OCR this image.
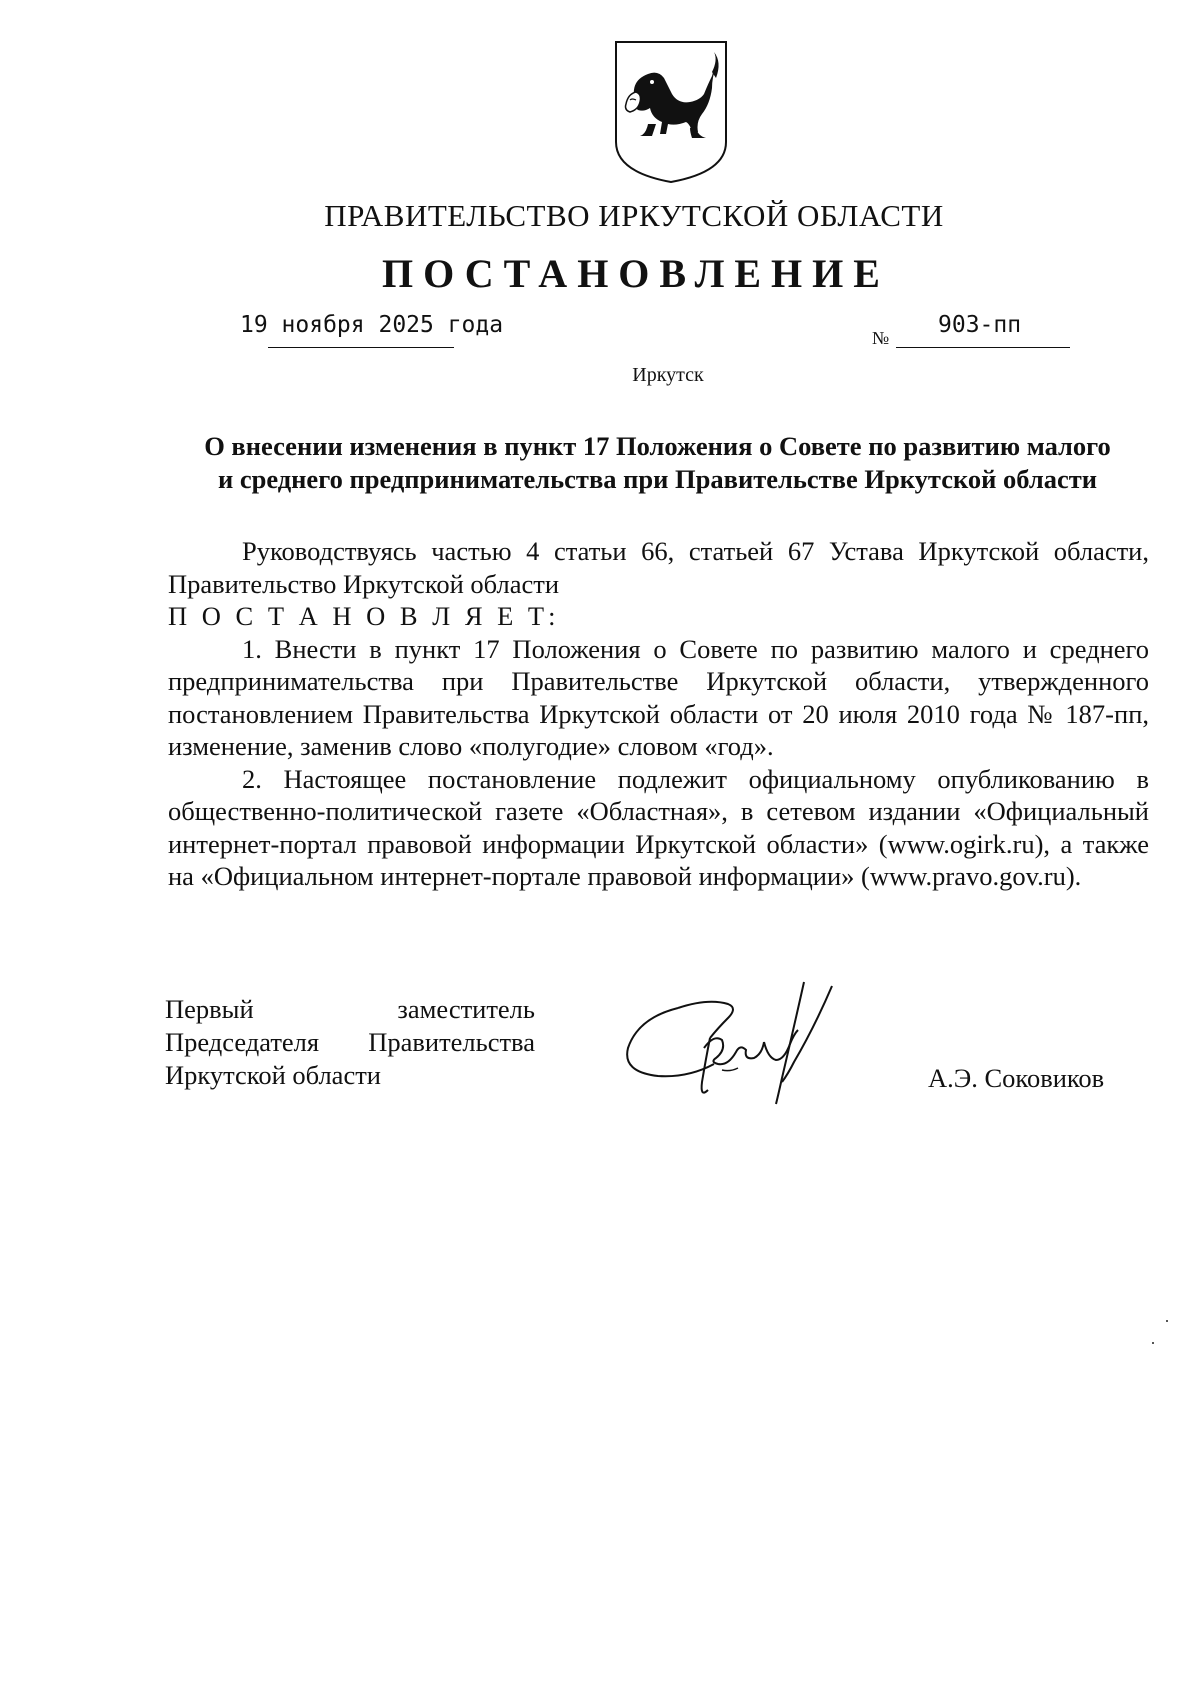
ПРАВИТЕЛЬСТВО ИРКУТСКОЙ ОБЛАСТИ
ПОСТАНОВЛЕНИЕ
19 ноября 2025 года	№ 903-пп
Иркутск
О внесении изменения в пункт 17 Положения о Совете по развитию малого
и среднего предпринимательства при Правительстве Иркутской области

Руководствуясь частью 4 статьи 66, статьей 67 Устава Иркутской области, Правительство Иркутской области

П О С Т А Н О В Л Я Е Т:

1. Внести в пункт 17 Положения о Совете по развитию малого и среднего предпринимательства при Правительстве Иркутской области, утвержденного постановлением Правительства Иркутской области от 20 июля 2010 года № 187-пп, изменение, заменив слово «полугодие» словом «год».

2. Настоящее постановление подлежит официальному опубликованию в общественно-политической газете «Областная», в сетевом издании «Официальный интернет-портал правовой информации Иркутской области» (www.ogirk.ru), а также на «Официальном интернет-портале правовой информации» (www.pravo.gov.ru).

Первый заместитель
Председателя Правительства
Иркутской области	А.Э. Соковиков
